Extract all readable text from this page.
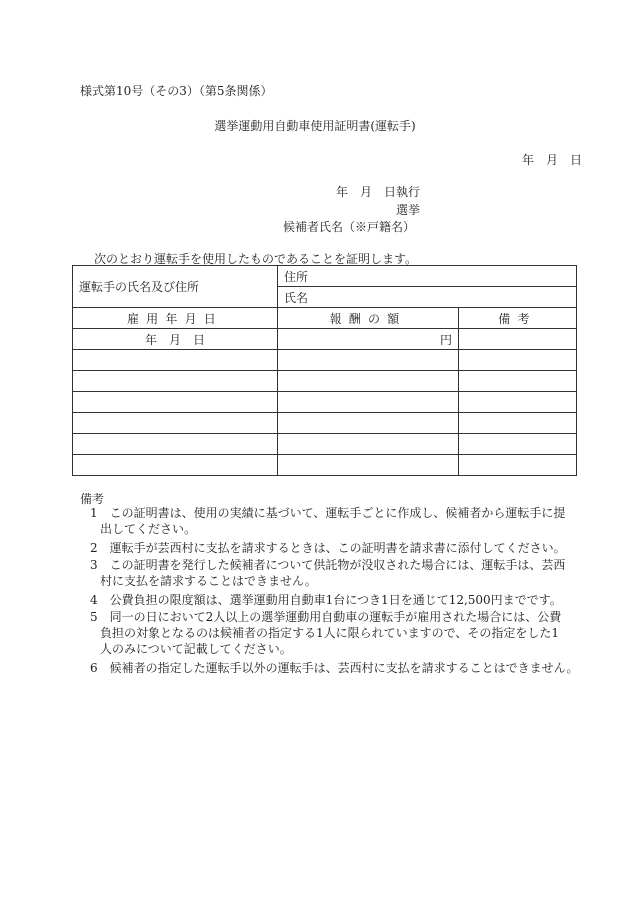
様式第10号（その3）（第5条関係）
選挙運動用自動車使用証明書(運転手)
年　月　日
年　月　日執行
選挙
候補者氏名（※戸籍名）
次のとおり運転手を使用したものであることを証明します。
運転手の氏名及び住所	住所	
	氏名	
雇用年月日	報酬の額	備考
年　月　日	円	

備考
1　 この証明書は、使用の実績に基づいて、運転手ごとに作成し、候補者から運転手に提
出してください。
2　 運転手が芸西村に支払を請求するときは、この証明書を請求書に添付してください。
3　 この証明書を発行した候補者について供託物が没収された場合には、運転手は、芸西
村に支払を請求することはできません。
4　 公費負担の限度額は、選挙運動用自動車1台につき1日を通じて12,500円までです。
5　 同一の日において2人以上の選挙運動用自動車の運転手が雇用された場合には、公費
負担の対象となるのは候補者の指定する1人に限られていますので、その指定をした1
人のみについて記載してください。
6　 候補者の指定した運転手以外の運転手は、芸西村に支払を請求することはできません。
